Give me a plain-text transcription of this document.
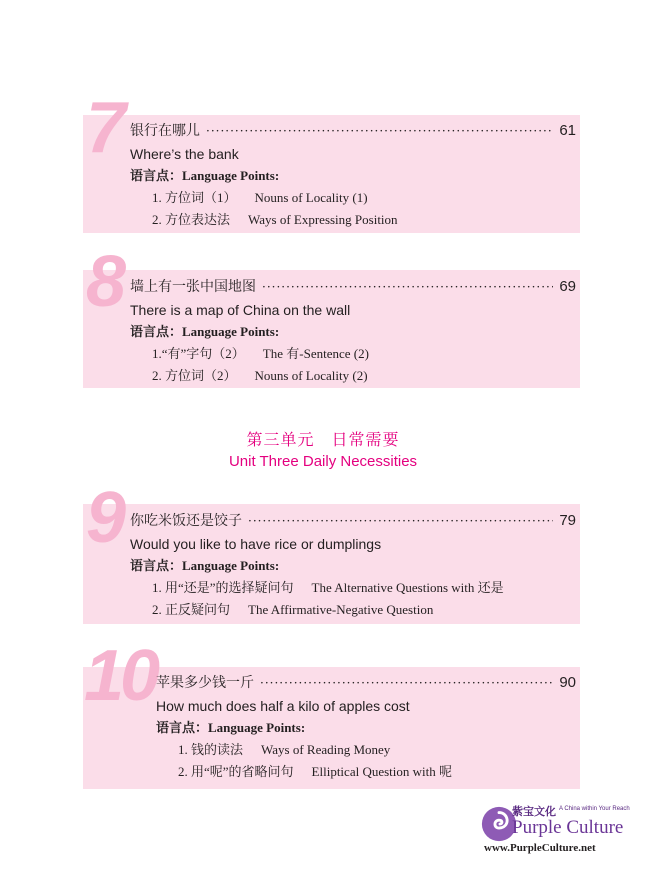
7 银行在哪儿 ·····	61
Where’s the bank
语言点：Language Points:
1. 方位词（1） Nouns of Locality (1)
2. 方位表达法 Ways of Expressing Position
8 墙上有一张中国地图 ·····	69
There is a map of China on the wall
语言点：Language Points:
1.“有”字句（2） The 有-Sentence (2)
2. 方位词（2） Nouns of Locality (2)
第三单元　日常需要
Unit Three Daily Necessities
9 你吃米饭还是饺子 ·····	79
Would you like to have rice or dumplings
语言点：Language Points:
1. 用“还是”的选择疑问句 The Alternative Questions with 还是
2. 正反疑问句 The Affirmative-Negative Question
10 苹果多少钱一斤 ·····	90
How much does half a kilo of apples cost
语言点：Language Points:
1. 钱的读法 Ways of Reading Money
2. 用“呢”的省略问句 Elliptical Question with 呢
紫宝文化 A China within Your Reach
Purple Culture
www.PurpleCulture.net
